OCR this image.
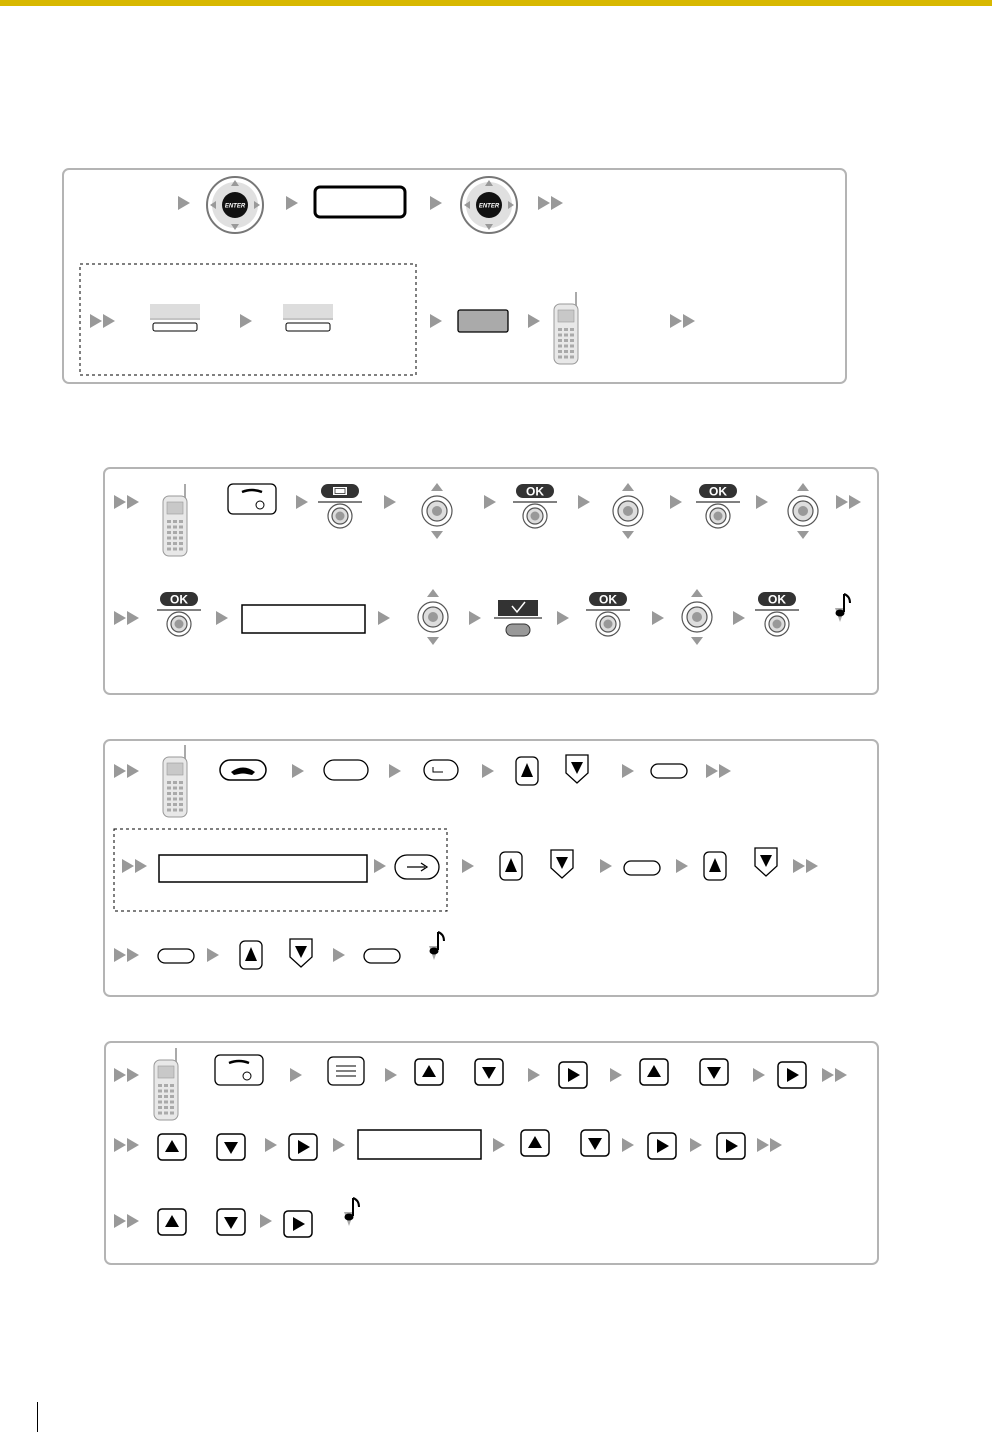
ENTER	ENTER
OK	OK
OK	OK	OK
